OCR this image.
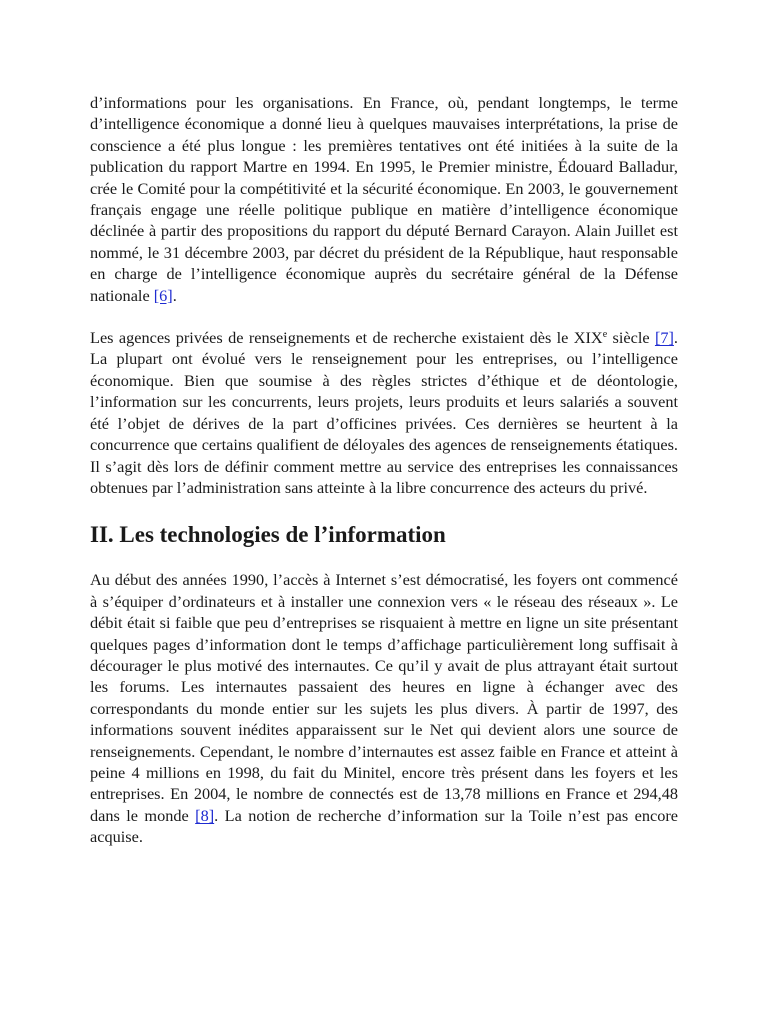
d’informations pour les organisations. En France, où, pendant longtemps, le terme d’intelligence économique a donné lieu à quelques mauvaises interprétations, la prise de conscience a été plus longue : les premières tentatives ont été initiées à la suite de la publication du rapport Martre en 1994. En 1995, le Premier ministre, Édouard Balladur, crée le Comité pour la compétitivité et la sécurité économique. En 2003, le gouvernement français engage une réelle politique publique en matière d’intelligence économique déclinée à partir des propositions du rapport du député Bernard Carayon. Alain Juillet est nommé, le 31 décembre 2003, par décret du président de la République, haut responsable en charge de l’intelligence économique auprès du secrétaire général de la Défense nationale [6].

Les agences privées de renseignements et de recherche existaient dès le XIXe siècle [7]. La plupart ont évolué vers le renseignement pour les entreprises, ou l’intelligence économique. Bien que soumise à des règles strictes d’éthique et de déontologie, l’information sur les concurrents, leurs projets, leurs produits et leurs salariés a souvent été l’objet de dérives de la part d’officines privées. Ces dernières se heurtent à la concurrence que certains qualifient de déloyales des agences de renseignements étatiques. Il s’agit dès lors de définir comment mettre au service des entreprises les connaissances obtenues par l’administration sans atteinte à la libre concurrence des acteurs du privé.

II. Les technologies de l’information

Au début des années 1990, l’accès à Internet s’est démocratisé, les foyers ont commencé à s’équiper d’ordinateurs et à installer une connexion vers « le réseau des réseaux ». Le débit était si faible que peu d’entreprises se risquaient à mettre en ligne un site présentant quelques pages d’information dont le temps d’affichage particulièrement long suffisait à décourager le plus motivé des internautes. Ce qu’il y avait de plus attrayant était surtout les forums. Les internautes passaient des heures en ligne à échanger avec des correspondants du monde entier sur les sujets les plus divers. À partir de 1997, des informations souvent inédites apparaissent sur le Net qui devient alors une source de renseignements. Cependant, le nombre d’internautes est assez faible en France et atteint à peine 4 millions en 1998, du fait du Minitel, encore très présent dans les foyers et les entreprises. En 2004, le nombre de connectés est de 13,78 millions en France et 294,48 dans le monde [8]. La notion de recherche d’information sur la Toile n’est pas encore acquise.
